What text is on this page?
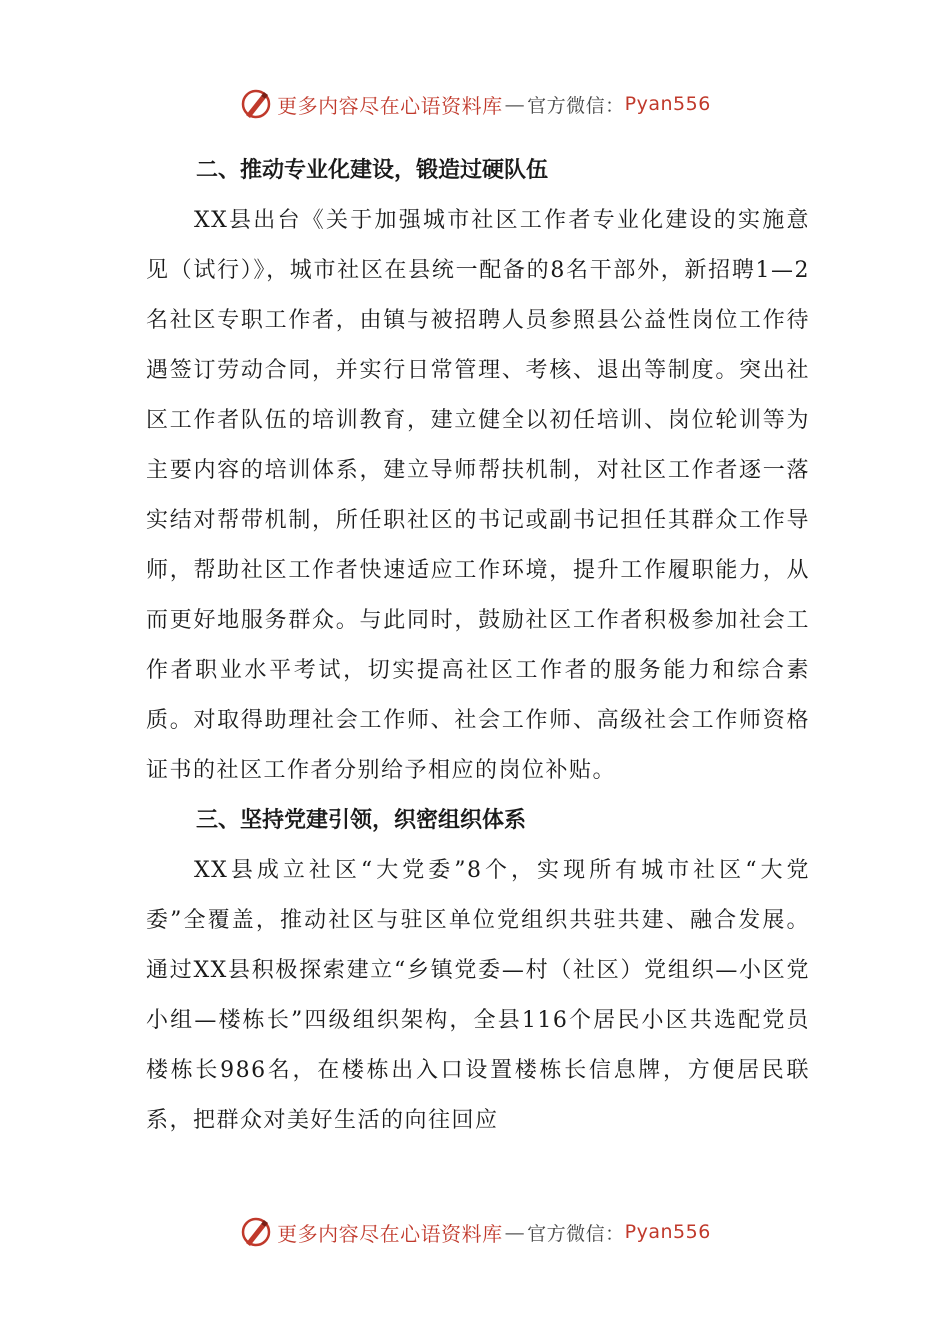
更多内容尽在心语资料库 — 官方微信： Pyan556
二、推动专业化建设，锻造过硬队伍

XX县出台《关于加强城市社区工作者专业化建设的实施意见（试行）》，城市社区在县统一配备的8名干部外，新招聘1—2名社区专职工作者，由镇与被招聘人员参照县公益性岗位工作待遇签订劳动合同，并实行日常管理、考核、退出等制度。突出社区工作者队伍的培训教育，建立健全以初任培训、岗位轮训等为主要内容的培训体系，建立导师帮扶机制，对社区工作者逐一落实结对帮带机制，所任职社区的书记或副书记担任其群众工作导师，帮助社区工作者快速适应工作环境，提升工作履职能力，从而更好地服务群众。与此同时，鼓励社区工作者积极参加社会工作者职业水平考试，切实提高社区工作者的服务能力和综合素质。对取得助理社会工作师、社会工作师、高级社会工作师资格证书的社区工作者分别给予相应的岗位补贴。

三、坚持党建引领，织密组织体系

XX县成立社区“大党委”8个，实现所有城市社区“大党委”全覆盖，推动社区与驻区单位党组织共驻共建、融合发展。通过XX县积极探索建立“乡镇党委—村（社区）党组织—小区党小组—楼栋长”四级组织架构，全县116个居民小区共选配党员楼栋长986名，在楼栋出入口设置楼栋长信息牌，方便居民联系，把群众对美好生活的向往回应

更多内容尽在心语资料库 — 官方微信： Pyan556
